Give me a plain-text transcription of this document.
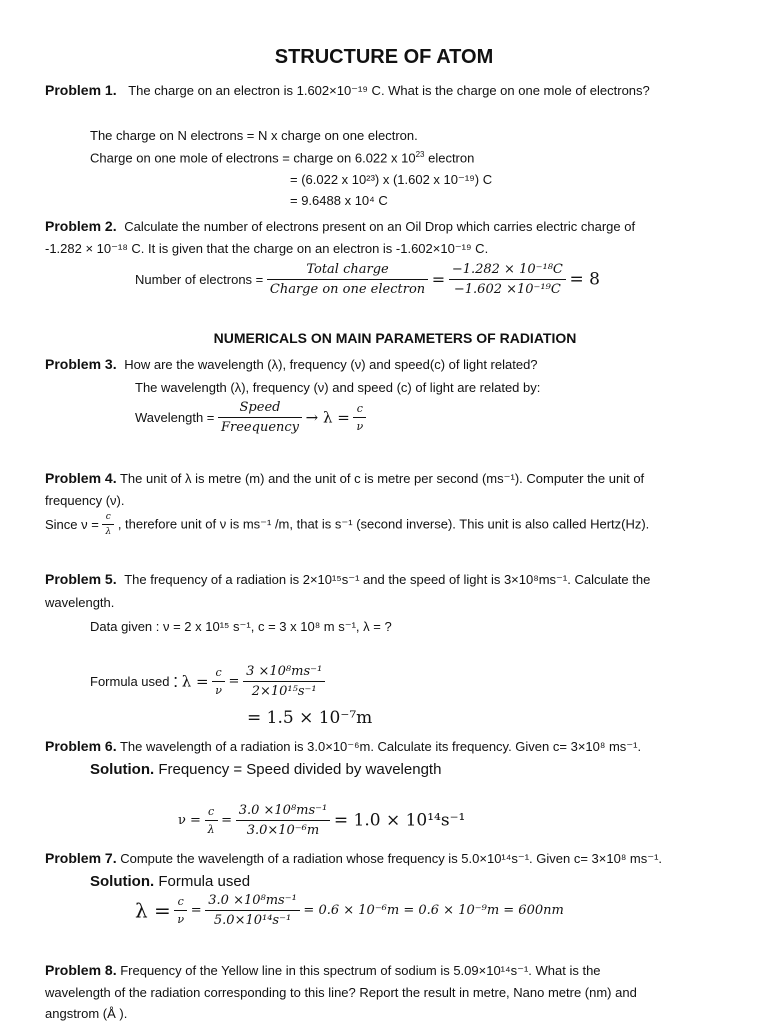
STRUCTURE OF ATOM
Problem 1. The charge on an electron is 1.602×10⁻¹⁹ C. What is the charge on one mole of electrons?
The charge on N electrons = N x charge on one electron.
Charge on one mole of electrons = charge on 6.022 x $10^{23}$ electron
= (6.022 x 10²³) x (1.602 x 10⁻¹⁹) C
= 9.6488 x 10⁴ C
Problem 2. Calculate the number of electrons present on an Oil Drop which carries electric charge of
-1.282 × 10⁻¹⁸ C. It is given that the charge on an electron is -1.602×10⁻¹⁹ C.
Number of electrons = $\frac{\text{Total charge}}{\text{Charge on one electron}} = \frac{\text{−1.282 × 10⁻¹⁸C}}{\text{−1.602 ×10⁻¹⁹C}} = 8$
NUMERICALS ON MAIN PARAMETERS OF RADIATION
Problem 3. How are the wavelength (λ), frequency (ν) and speed(c) of light related?
The wavelength (λ), frequency (ν) and speed (c) of light are related by:
Wavelength = $\frac{\text{Speed}}{\text{Freequency}} \to \lambda = \frac{c}{\nu}$
Problem 4. The unit of λ is metre (m) and the unit of c is metre per second (ms⁻¹). Computer the unit of
frequency (ν).
Since $\nu = \frac{c}{\lambda}$ , therefore unit of ν is ms⁻¹ /m, that is s⁻¹ (second inverse). This unit is also called Hertz(Hz).
Problem 5. The frequency of a radiation is 2×10¹⁵s⁻¹ and the speed of light is 3×10⁸ms⁻¹. Calculate the
wavelength.
Data given : ν = 2 x 10¹⁵ s⁻¹, c = 3 x 10⁸ m s⁻¹, λ = ?
Formula used : $\lambda = \frac{c}{\nu} = \frac{\text{3 ×10⁸ms⁻¹}}{\text{2×10¹⁵s⁻¹}}$
= 1.5 × 10⁻⁷m
Problem 6. The wavelength of a radiation is 3.0×10⁻⁶m. Calculate its frequency. Given c= 3×10⁸ ms⁻¹.
Solution. Frequency = Speed divided by wavelength
$\nu = \frac{c}{\lambda} = \frac{\text{3.0 ×10⁸ms⁻¹}}{\text{3.0×10⁻⁶m}} = 1.0 \times 10^{14}s^{-1}$
Problem 7. Compute the wavelength of a radiation whose frequency is 5.0×10¹⁴s⁻¹. Given c= 3×10⁸ ms⁻¹.
Solution. Formula used
$\lambda = \frac{c}{\nu} = \frac{\text{3.0 ×10⁸ms⁻¹}}{\text{5.0×10¹⁴s⁻¹}} = 0.6 \times 10^{-6}m = 0.6 \times 10^{-9}m = 600nm$
Problem 8. Frequency of the Yellow line in this spectrum of sodium is 5.09×10¹⁴s⁻¹. What is the
wavelength of the radiation corresponding to this line? Report the result in metre, Nano metre (nm) and
angstrom (Å ).
